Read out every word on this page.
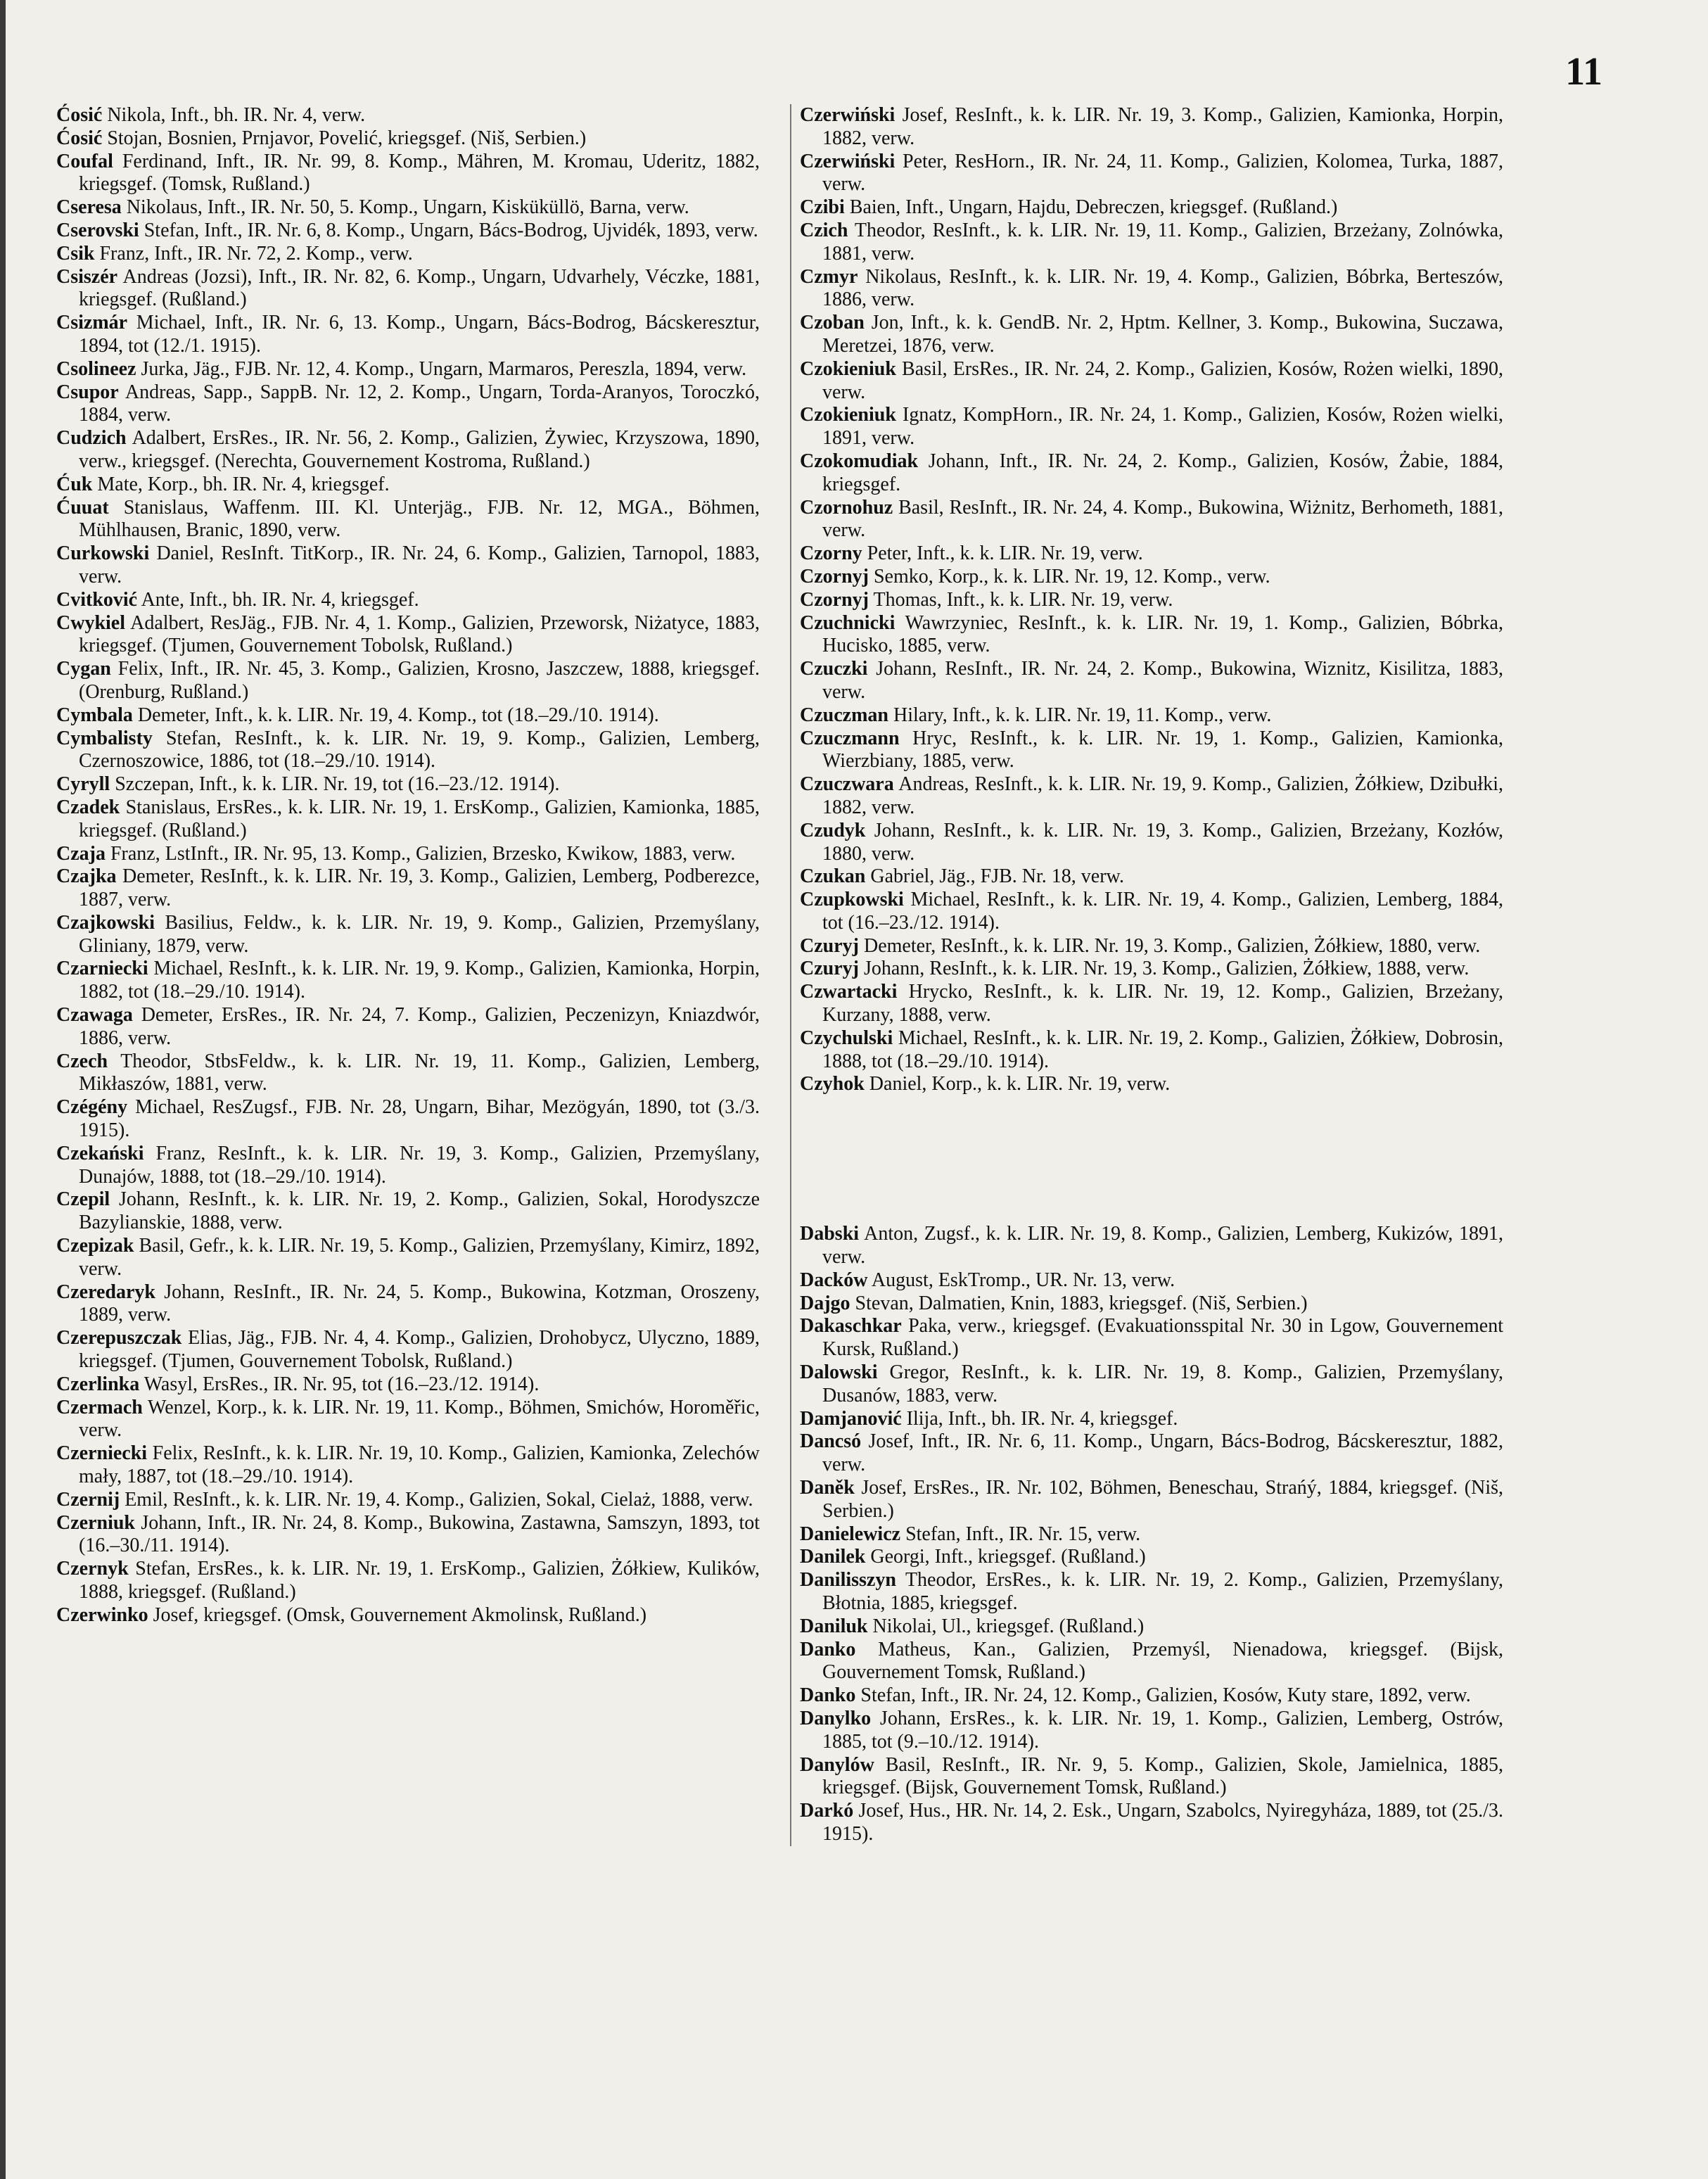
11

Ćosić Nikola, Inft., bh. IR. Nr. 4, verw.

Ćosić Stojan, Bosnien, Prnjavor, Povelić, kriegsgef. (Niš, Serbien.)

Coufal Ferdinand, Inft., IR. Nr. 99, 8. Komp., Mähren, M. Kromau, Uderitz, 1882, kriegsgef. (Tomsk, Rußland.)

Cseresa Nikolaus, Inft., IR. Nr. 50, 5. Komp., Ungarn, Kisküküllö, Barna, verw.

Cserovski Stefan, Inft., IR. Nr. 6, 8. Komp., Ungarn, Bács-Bodrog, Ujvidék, 1893, verw.

Csik Franz, Inft., IR. Nr. 72, 2. Komp., verw.

Csiszér Andreas (Jozsi), Inft., IR. Nr. 82, 6. Komp., Ungarn, Udvarhely, Véczke, 1881, kriegsgef. (Rußland.)

Csizmár Michael, Inft., IR. Nr. 6, 13. Komp., Ungarn, Bács-Bodrog, Bácskeresztur, 1894, tot (12./1. 1915).

Csolineez Jurka, Jäg., FJB. Nr. 12, 4. Komp., Ungarn, Marmaros, Pereszla, 1894, verw.

Csupor Andreas, Sapp., SappB. Nr. 12, 2. Komp., Ungarn, Torda-Aranyos, Toroczkó, 1884, verw.

Cudzich Adalbert, ErsRes., IR. Nr. 56, 2. Komp., Galizien, Żywiec, Krzyszowa, 1890, verw., kriegsgef. (Nerechta, Gouvernement Kostroma, Rußland.)

Ćuk Mate, Korp., bh. IR. Nr. 4, kriegsgef.

Ćuuat Stanislaus, Waffenm. III. Kl. Unterjäg., FJB. Nr. 12, MGA., Böhmen, Mühlhausen, Branic, 1890, verw.

Curkowski Daniel, ResInft. TitKorp., IR. Nr. 24, 6. Komp., Galizien, Tarnopol, 1883, verw.

Cvitković Ante, Inft., bh. IR. Nr. 4, kriegsgef.

Cwykiel Adalbert, ResJäg., FJB. Nr. 4, 1. Komp., Galizien, Przeworsk, Niżatyce, 1883, kriegsgef. (Tjumen, Gouvernement Tobolsk, Rußland.)

Cygan Felix, Inft., IR. Nr. 45, 3. Komp., Galizien, Krosno, Jaszczew, 1888, kriegsgef. (Orenburg, Rußland.)

Cymbala Demeter, Inft., k. k. LIR. Nr. 19, 4. Komp., tot (18.–29./10. 1914).

Cymbalisty Stefan, ResInft., k. k. LIR. Nr. 19, 9. Komp., Galizien, Lemberg, Czernoszowice, 1886, tot (18.–29./10. 1914).

Cyryll Szczepan, Inft., k. k. LIR. Nr. 19, tot (16.–23./12. 1914).

Czadek Stanislaus, ErsRes., k. k. LIR. Nr. 19, 1. ErsKomp., Galizien, Kamionka, 1885, kriegsgef. (Rußland.)

Czaja Franz, LstInft., IR. Nr. 95, 13. Komp., Galizien, Brzesko, Kwikow, 1883, verw.

Czajka Demeter, ResInft., k. k. LIR. Nr. 19, 3. Komp., Galizien, Lemberg, Podberezce, 1887, verw.

Czajkowski Basilius, Feldw., k. k. LIR. Nr. 19, 9. Komp., Galizien, Przemyślany, Gliniany, 1879, verw.

Czarniecki Michael, ResInft., k. k. LIR. Nr. 19, 9. Komp., Galizien, Kamionka, Horpin, 1882, tot (18.–29./10. 1914).

Czawaga Demeter, ErsRes., IR. Nr. 24, 7. Komp., Galizien, Peczenizyn, Kniazdwór, 1886, verw.

Czech Theodor, StbsFeldw., k. k. LIR. Nr. 19, 11. Komp., Galizien, Lemberg, Mikłaszów, 1881, verw.

Czégény Michael, ResZugsf., FJB. Nr. 28, Ungarn, Bihar, Mezögyán, 1890, tot (3./3. 1915).

Czekański Franz, ResInft., k. k. LIR. Nr. 19, 3. Komp., Galizien, Przemyślany, Dunajów, 1888, tot (18.–29./10. 1914).

Czepil Johann, ResInft., k. k. LIR. Nr. 19, 2. Komp., Galizien, Sokal, Horodyszcze Bazylianskie, 1888, verw.

Czepizak Basil, Gefr., k. k. LIR. Nr. 19, 5. Komp., Galizien, Przemyślany, Kimirz, 1892, verw.

Czeredaryk Johann, ResInft., IR. Nr. 24, 5. Komp., Bukowina, Kotzman, Oroszeny, 1889, verw.

Czerepuszczak Elias, Jäg., FJB. Nr. 4, 4. Komp., Galizien, Drohobycz, Ulyczno, 1889, kriegsgef. (Tjumen, Gouvernement Tobolsk, Rußland.)

Czerlinka Wasyl, ErsRes., IR. Nr. 95, tot (16.–23./12. 1914).

Czermach Wenzel, Korp., k. k. LIR. Nr. 19, 11. Komp., Böhmen, Smichów, Horoměřic, verw.

Czerniecki Felix, ResInft., k. k. LIR. Nr. 19, 10. Komp., Galizien, Kamionka, Zelechów mały, 1887, tot (18.–29./10. 1914).

Czernij Emil, ResInft., k. k. LIR. Nr. 19, 4. Komp., Galizien, Sokal, Cielaż, 1888, verw.

Czerniuk Johann, Inft., IR. Nr. 24, 8. Komp., Bukowina, Zastawna, Samszyn, 1893, tot (16.–30./11. 1914).

Czernyk Stefan, ErsRes., k. k. LIR. Nr. 19, 1. ErsKomp., Galizien, Żółkiew, Kulików, 1888, kriegsgef. (Rußland.)

Czerwinko Josef, kriegsgef. (Omsk, Gouvernement Akmolinsk, Rußland.)

Czerwiński Josef, ResInft., k. k. LIR. Nr. 19, 3. Komp., Galizien, Kamionka, Horpin, 1882, verw.

Czerwiński Peter, ResHorn., IR. Nr. 24, 11. Komp., Galizien, Kolomea, Turka, 1887, verw.

Czibi Baien, Inft., Ungarn, Hajdu, Debreczen, kriegsgef. (Rußland.)

Czich Theodor, ResInft., k. k. LIR. Nr. 19, 11. Komp., Galizien, Brzeżany, Zolnówka, 1881, verw.

Czmyr Nikolaus, ResInft., k. k. LIR. Nr. 19, 4. Komp., Galizien, Bóbrka, Berteszów, 1886, verw.

Czoban Jon, Inft., k. k. GendB. Nr. 2, Hptm. Kellner, 3. Komp., Bukowina, Suczawa, Meretzei, 1876, verw.

Czokieniuk Basil, ErsRes., IR. Nr. 24, 2. Komp., Galizien, Kosów, Rożen wielki, 1890, verw.

Czokieniuk Ignatz, KompHorn., IR. Nr. 24, 1. Komp., Galizien, Kosów, Rożen wielki, 1891, verw.

Czokomudiak Johann, Inft., IR. Nr. 24, 2. Komp., Galizien, Kosów, Żabie, 1884, kriegsgef.

Czornohuz Basil, ResInft., IR. Nr. 24, 4. Komp., Bukowina, Wiżnitz, Berhometh, 1881, verw.

Czorny Peter, Inft., k. k. LIR. Nr. 19, verw.

Czornyj Semko, Korp., k. k. LIR. Nr. 19, 12. Komp., verw.

Czornyj Thomas, Inft., k. k. LIR. Nr. 19, verw.

Czuchnicki Wawrzyniec, ResInft., k. k. LIR. Nr. 19, 1. Komp., Galizien, Bóbrka, Hucisko, 1885, verw.

Czuczki Johann, ResInft., IR. Nr. 24, 2. Komp., Bukowina, Wiznitz, Kisilitza, 1883, verw.

Czuczman Hilary, Inft., k. k. LIR. Nr. 19, 11. Komp., verw.

Czuczmann Hryc, ResInft., k. k. LIR. Nr. 19, 1. Komp., Galizien, Kamionka, Wierzbiany, 1885, verw.

Czuczwara Andreas, ResInft., k. k. LIR. Nr. 19, 9. Komp., Galizien, Żółkiew, Dzibułki, 1882, verw.

Czudyk Johann, ResInft., k. k. LIR. Nr. 19, 3. Komp., Galizien, Brzeżany, Kozłów, 1880, verw.

Czukan Gabriel, Jäg., FJB. Nr. 18, verw.

Czupkowski Michael, ResInft., k. k. LIR. Nr. 19, 4. Komp., Galizien, Lemberg, 1884, tot (16.–23./12. 1914).

Czuryj Demeter, ResInft., k. k. LIR. Nr. 19, 3. Komp., Galizien, Żółkiew, 1880, verw.

Czuryj Johann, ResInft., k. k. LIR. Nr. 19, 3. Komp., Galizien, Żółkiew, 1888, verw.

Czwartacki Hrycko, ResInft., k. k. LIR. Nr. 19, 12. Komp., Galizien, Brzeżany, Kurzany, 1888, verw.

Czychulski Michael, ResInft., k. k. LIR. Nr. 19, 2. Komp., Galizien, Żółkiew, Dobrosin, 1888, tot (18.–29./10. 1914).

Czyhok Daniel, Korp., k. k. LIR. Nr. 19, verw.

Dabski Anton, Zugsf., k. k. LIR. Nr. 19, 8. Komp., Galizien, Lemberg, Kukizów, 1891, verw.

Dacków August, EskTromp., UR. Nr. 13, verw.

Dajgo Stevan, Dalmatien, Knin, 1883, kriegsgef. (Niš, Serbien.)

Dakaschkar Paka, verw., kriegsgef. (Evakuationsspital Nr. 30 in Lgow, Gouvernement Kursk, Rußland.)

Dalowski Gregor, ResInft., k. k. LIR. Nr. 19, 8. Komp., Galizien, Przemyślany, Dusanów, 1883, verw.

Damjanović Ilija, Inft., bh. IR. Nr. 4, kriegsgef.

Dancsó Josef, Inft., IR. Nr. 6, 11. Komp., Ungarn, Bács-Bodrog, Bácskeresztur, 1882, verw.

Daněk Josef, ErsRes., IR. Nr. 102, Böhmen, Beneschau, Strańý, 1884, kriegsgef. (Niš, Serbien.)

Danielewicz Stefan, Inft., IR. Nr. 15, verw.

Danilek Georgi, Inft., kriegsgef. (Rußland.)

Danilisszyn Theodor, ErsRes., k. k. LIR. Nr. 19, 2. Komp., Galizien, Przemyślany, Błotnia, 1885, kriegsgef.

Daniluk Nikolai, Ul., kriegsgef. (Rußland.)

Danko Matheus, Kan., Galizien, Przemyśl, Nienadowa, kriegsgef. (Bijsk, Gouvernement Tomsk, Rußland.)

Danko Stefan, Inft., IR. Nr. 24, 12. Komp., Galizien, Kosów, Kuty stare, 1892, verw.

Danylko Johann, ErsRes., k. k. LIR. Nr. 19, 1. Komp., Galizien, Lemberg, Ostrów, 1885, tot (9.–10./12. 1914).

Danylów Basil, ResInft., IR. Nr. 9, 5. Komp., Galizien, Skole, Jamielnica, 1885, kriegsgef. (Bijsk, Gouvernement Tomsk, Rußland.)

Darkó Josef, Hus., HR. Nr. 14, 2. Esk., Ungarn, Szabolcs, Nyiregyháza, 1889, tot (25./3. 1915).
